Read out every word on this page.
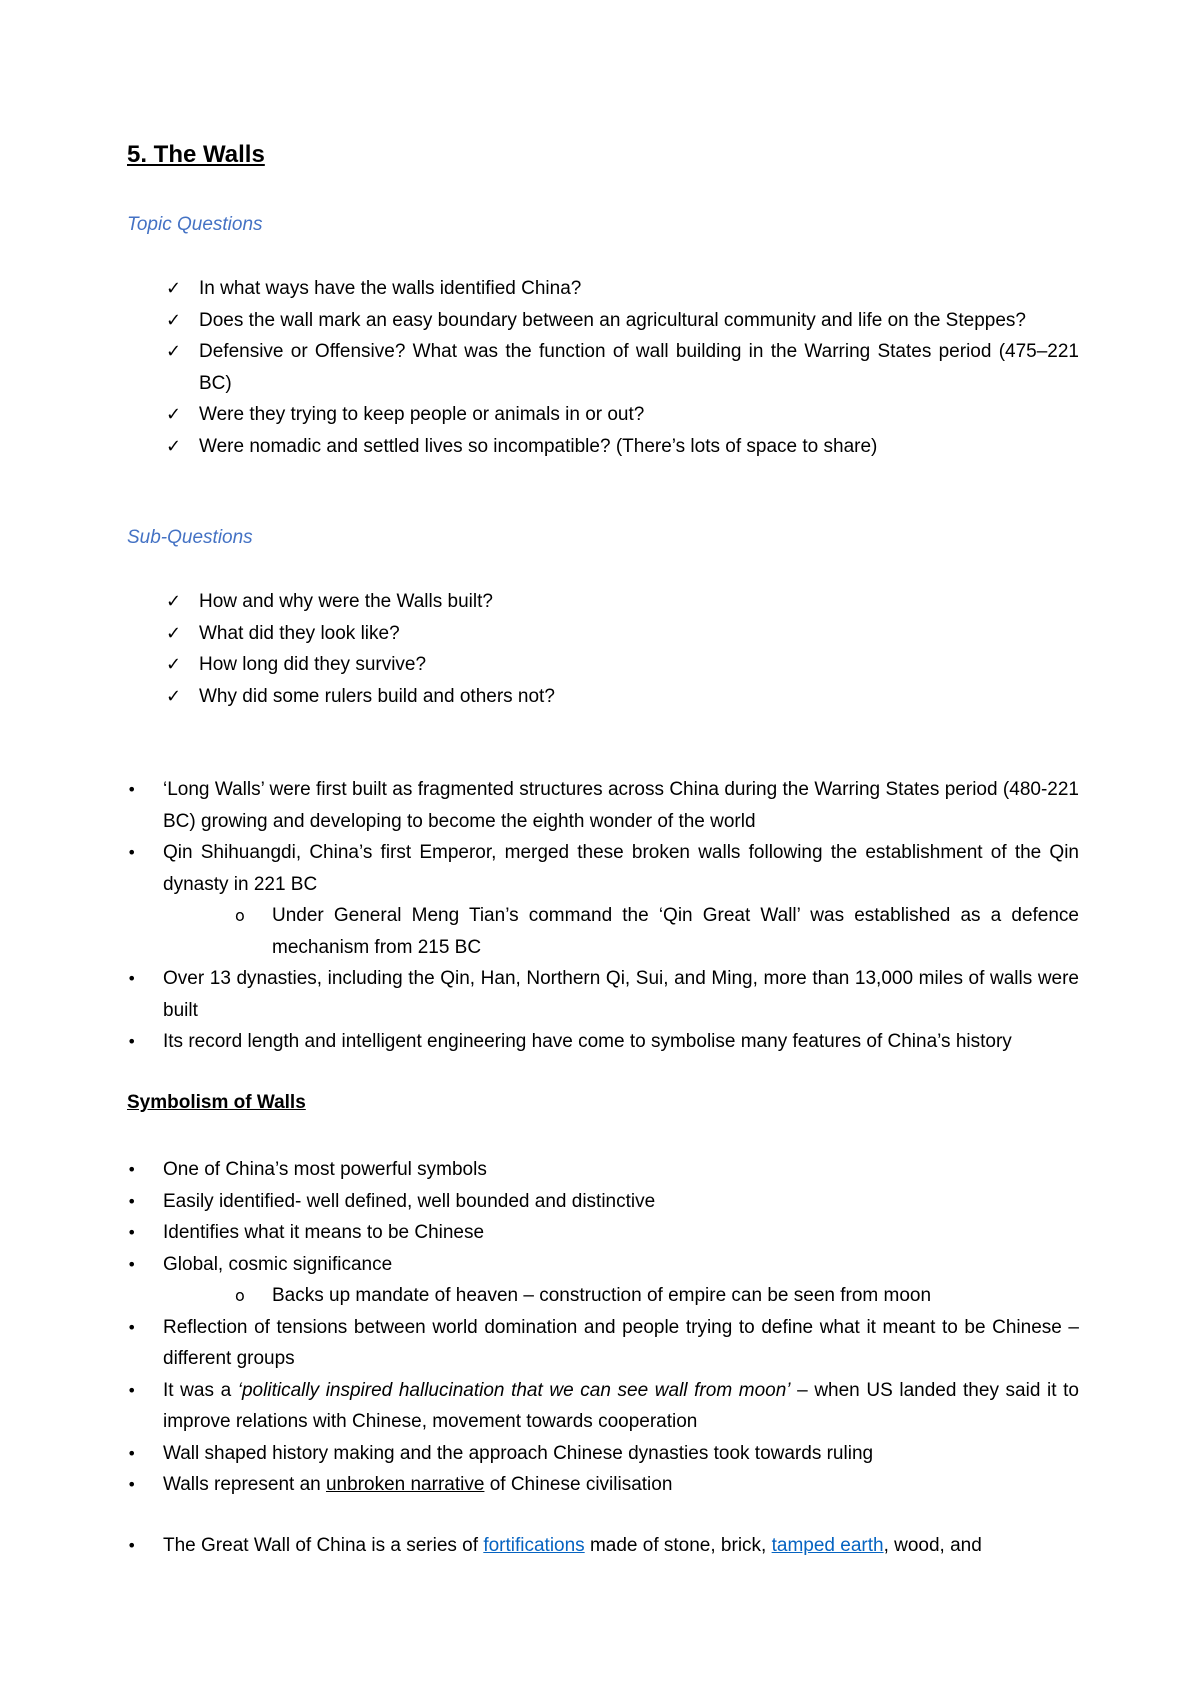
5. The Walls

Topic Questions

✓ In what ways have the walls identified China?
✓ Does the wall mark an easy boundary between an agricultural community and life on the Steppes?
✓ Defensive or Offensive? What was the function of wall building in the Warring States period (475–221 BC)
✓ Were they trying to keep people or animals in or out?
✓ Were nomadic and settled lives so incompatible? (There’s lots of space to share)

Sub-Questions

✓ How and why were the Walls built?
✓ What did they look like?
✓ How long did they survive?
✓ Why did some rulers build and others not?
• ‘Long Walls’ were first built as fragmented structures across China during the Warring States period (480-221 BC) growing and developing to become the eighth wonder of the world
• Qin Shihuangdi, China’s first Emperor, merged these broken walls following the establishment of the Qin dynasty in 221 BC
o Under General Meng Tian’s command the ‘Qin Great Wall’ was established as a defence mechanism from 215 BC
• Over 13 dynasties, including the Qin, Han, Northern Qi, Sui, and Ming, more than 13,000 miles of walls were built
• Its record length and intelligent engineering have come to symbolise many features of China’s history

Symbolism of Walls

• One of China’s most powerful symbols
• Easily identified- well defined, well bounded and distinctive
• Identifies what it means to be Chinese
• Global, cosmic significance
o Backs up mandate of heaven – construction of empire can be seen from moon
• Reflection of tensions between world domination and people trying to define what it meant to be Chinese – different groups
• It was a ‘politically inspired hallucination that we can see wall from moon’ – when US landed they said it to improve relations with Chinese, movement towards cooperation
• Wall shaped history making and the approach Chinese dynasties took towards ruling
• Walls represent an unbroken narrative of Chinese civilisation
• The Great Wall of China is a series of fortifications made of stone, brick, tamped earth, wood, and
